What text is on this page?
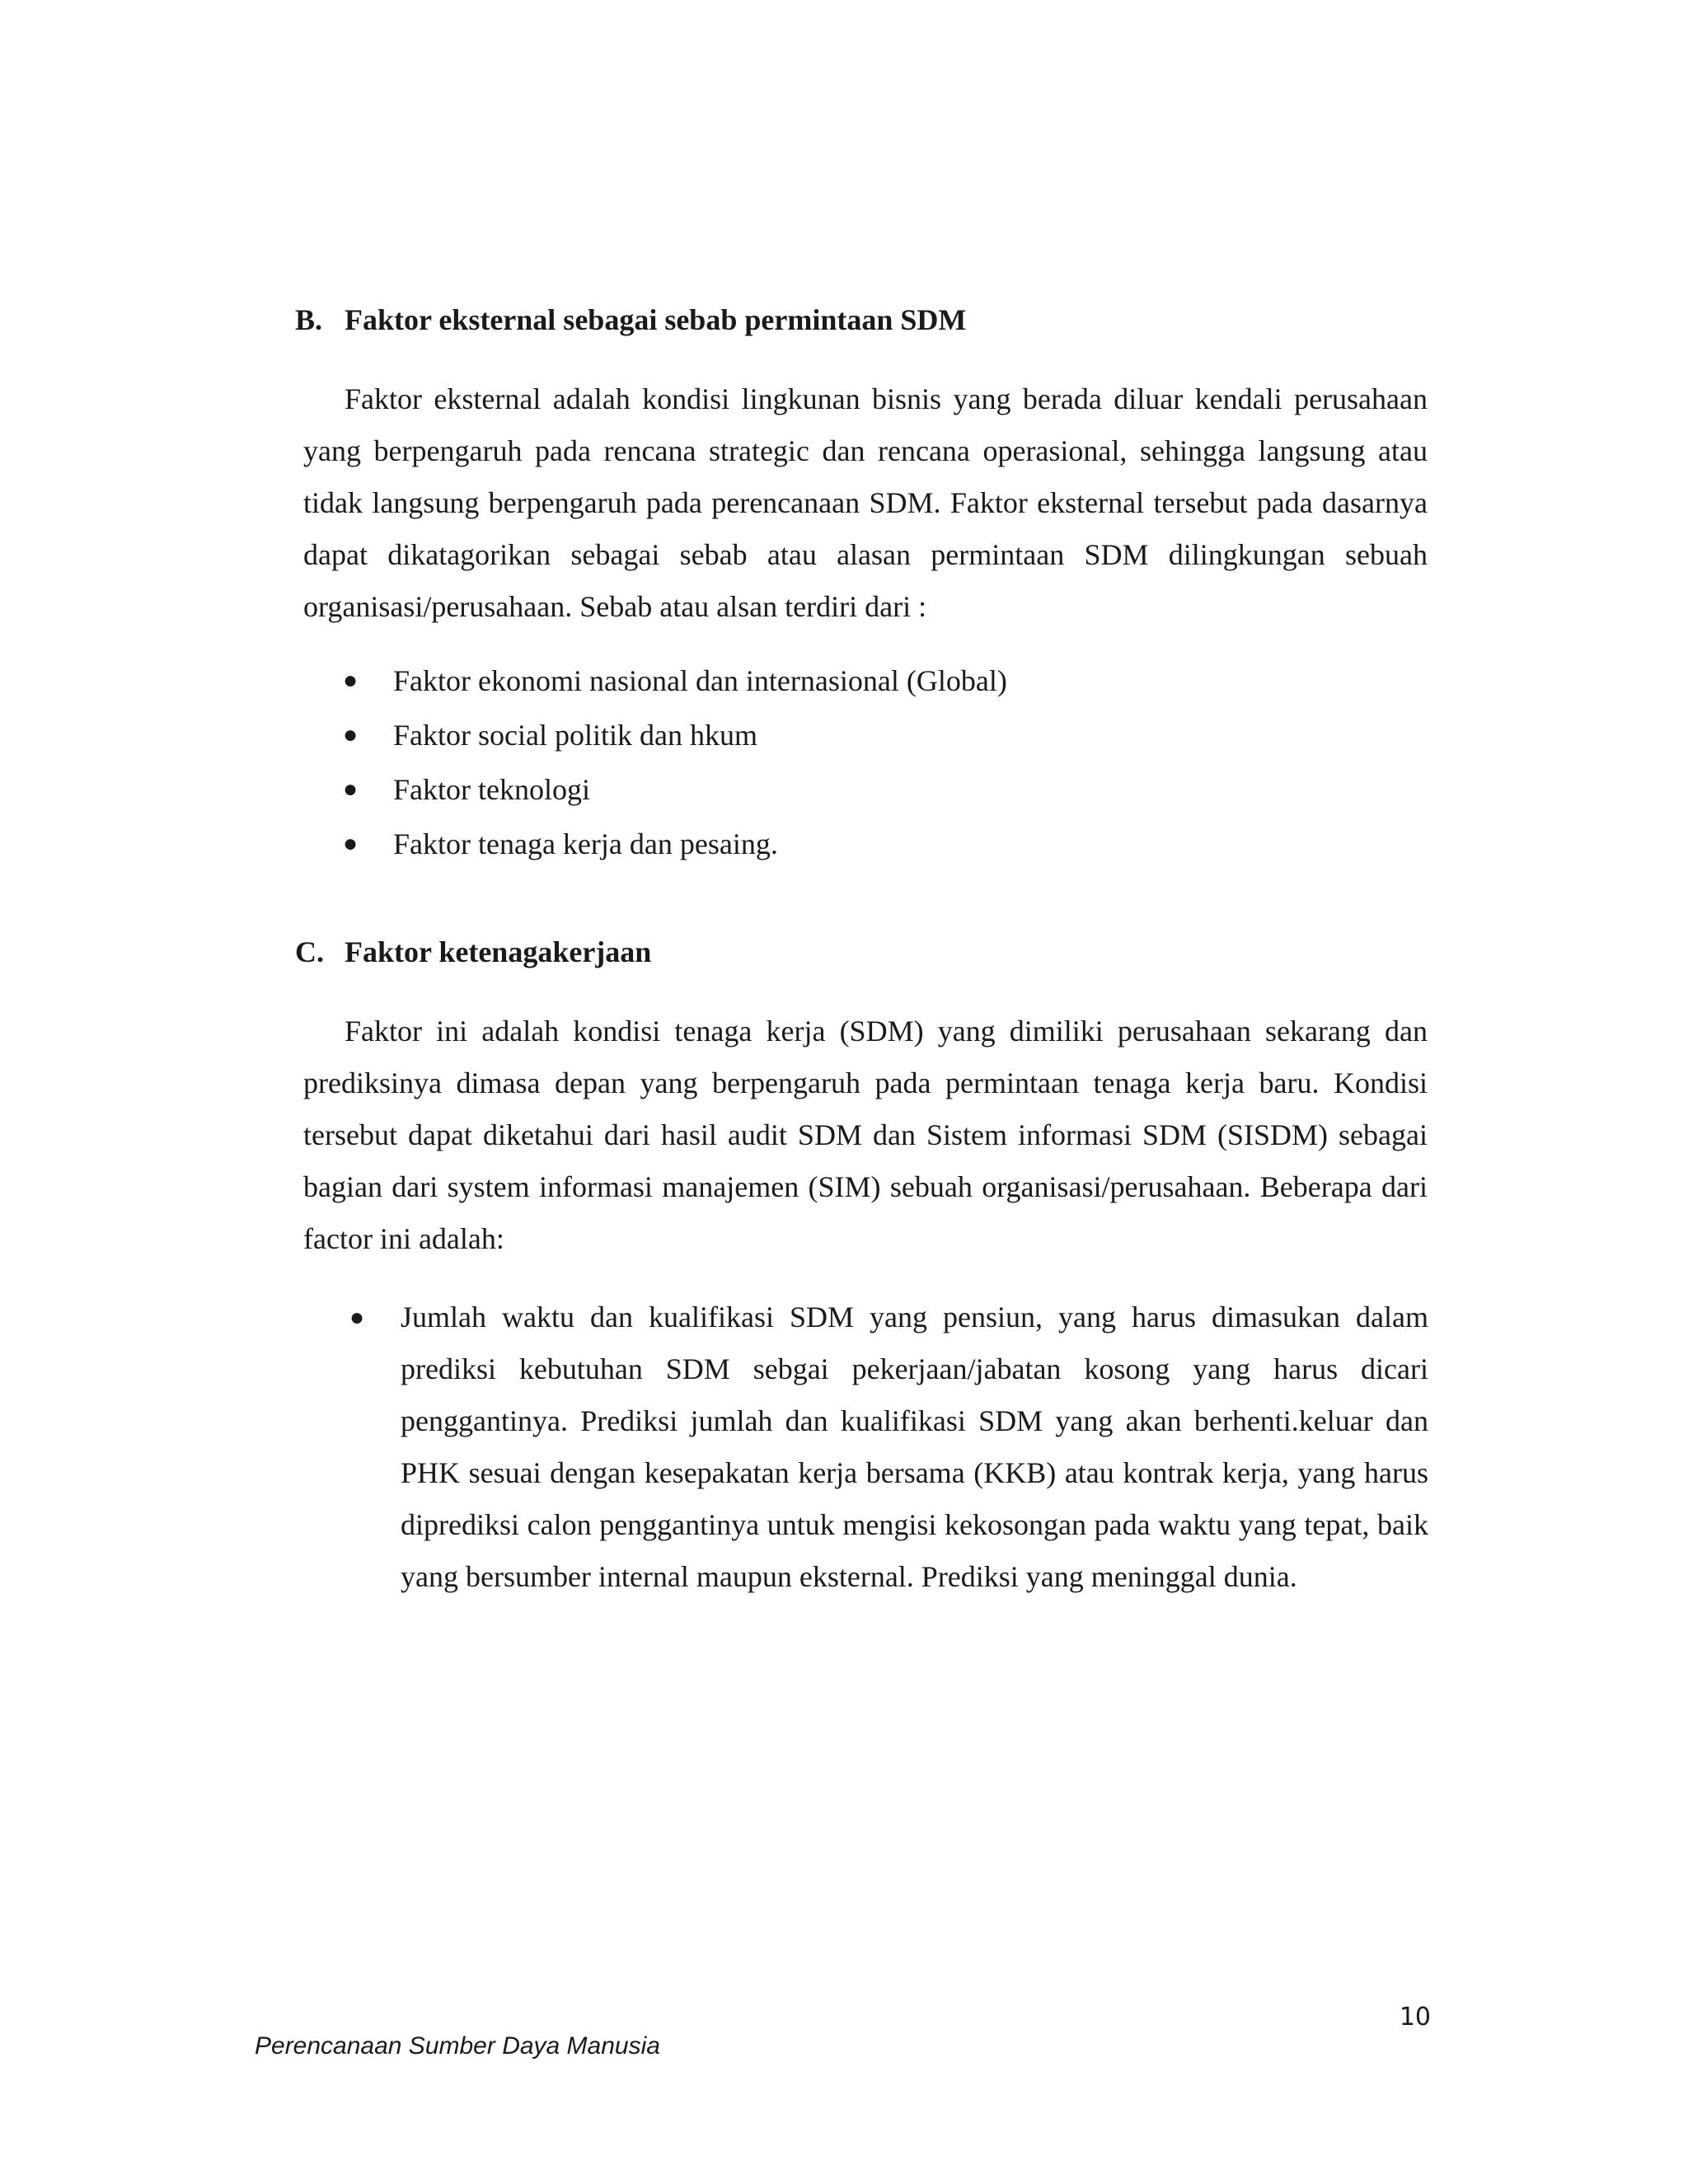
B. Faktor eksternal sebagai sebab permintaan SDM

Faktor eksternal adalah kondisi lingkunan bisnis yang berada diluar kendali perusahaan yang berpengaruh pada rencana strategic dan rencana operasional, sehingga langsung atau tidak langsung berpengaruh pada perencanaan SDM. Faktor eksternal tersebut pada dasarnya dapat dikatagorikan sebagai sebab atau alasan permintaan SDM dilingkungan sebuah organisasi/perusahaan. Sebab atau alsan terdiri dari :

● Faktor ekonomi nasional dan internasional (Global)
● Faktor social politik dan hkum
● Faktor teknologi
● Faktor tenaga kerja dan pesaing.
C. Faktor ketenagakerjaan

Faktor ini adalah kondisi tenaga kerja (SDM) yang dimiliki perusahaan sekarang dan prediksinya dimasa depan yang berpengaruh pada permintaan tenaga kerja baru. Kondisi tersebut dapat diketahui dari hasil audit SDM dan Sistem informasi SDM (SISDM) sebagai bagian dari system informasi manajemen (SIM) sebuah organisasi/perusahaan. Beberapa dari factor ini adalah:

● Jumlah waktu dan kualifikasi SDM yang pensiun, yang harus dimasukan dalam prediksi kebutuhan SDM sebgai pekerjaan/jabatan kosong yang harus dicari penggantinya. Prediksi jumlah dan kualifikasi SDM yang akan berhenti.keluar dan PHK sesuai dengan kesepakatan kerja bersama (KKB) atau kontrak kerja, yang harus diprediksi calon penggantinya untuk mengisi kekosongan pada waktu yang tepat, baik yang bersumber internal maupun eksternal. Prediksi yang meninggal dunia.
10
Perencanaan Sumber Daya Manusia
